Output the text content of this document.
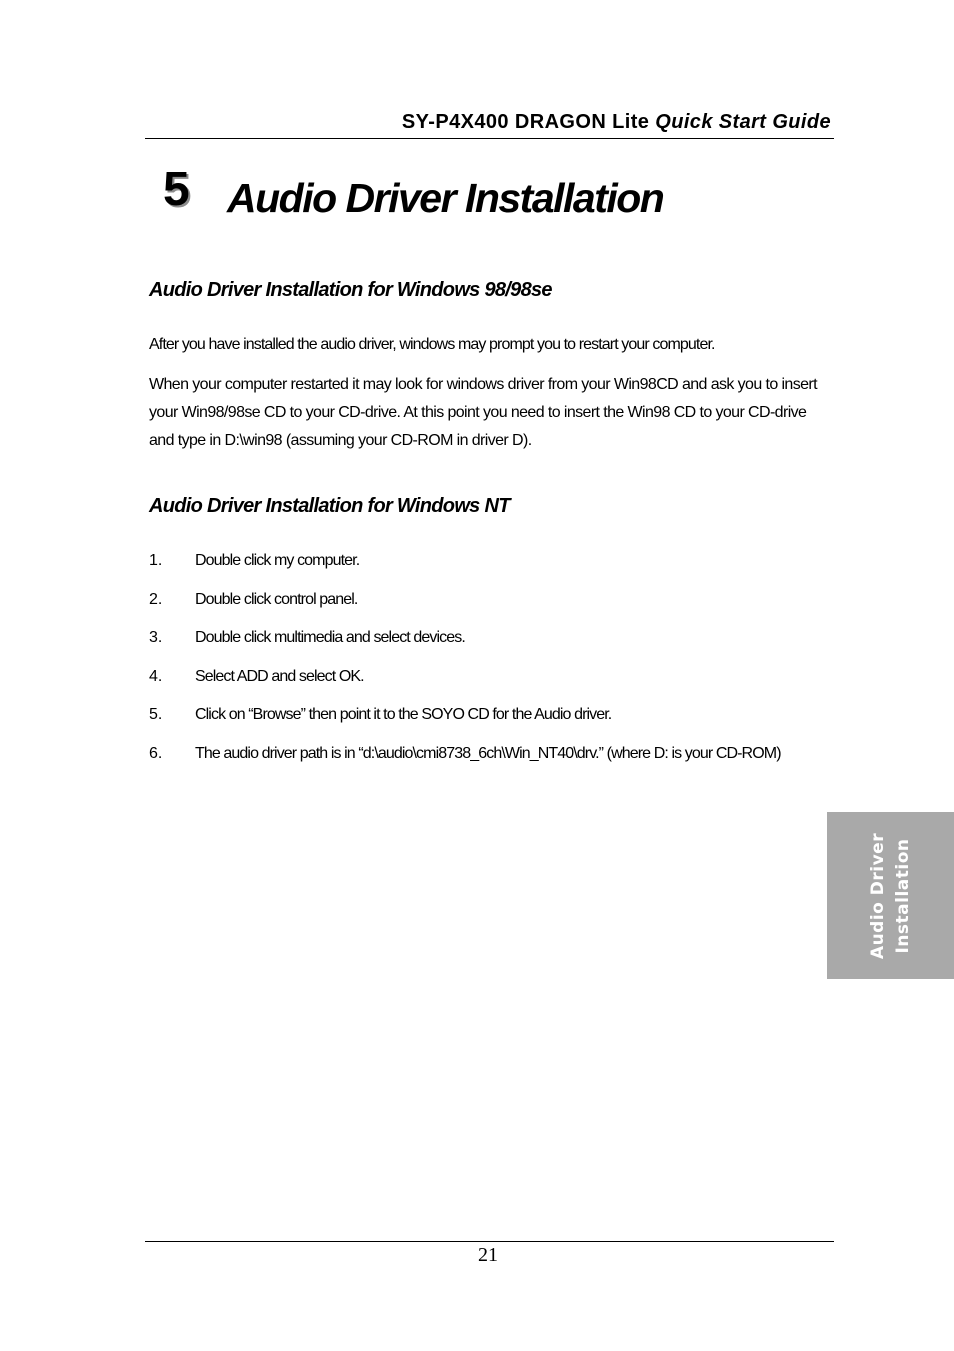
SY-P4X400 DRAGON Lite Quick Start Guide
5 Audio Driver Installation
Audio Driver Installation for Windows 98/98se
After you have installed the audio driver, windows may prompt you to restart your computer.
When your computer restarted it may look for windows driver from your Win98CD and ask you to insert your Win98/98se CD to your CD-drive. At this point you need to insert the Win98 CD to your CD-drive and type in D:\win98 (assuming your CD-ROM in driver D).
Audio Driver Installation for Windows NT
1. Double click my computer.
2. Double click control panel.
3. Double click multimedia and select devices.
4. Select ADD and select OK.
5. Click on “Browse” then point it to the SOYO CD for the Audio driver.
6. The audio driver path is in “d:\audio\cmi8738_6ch\Win_NT40\drv.” (where D: is your CD-ROM)
Audio Driver Installation
21
